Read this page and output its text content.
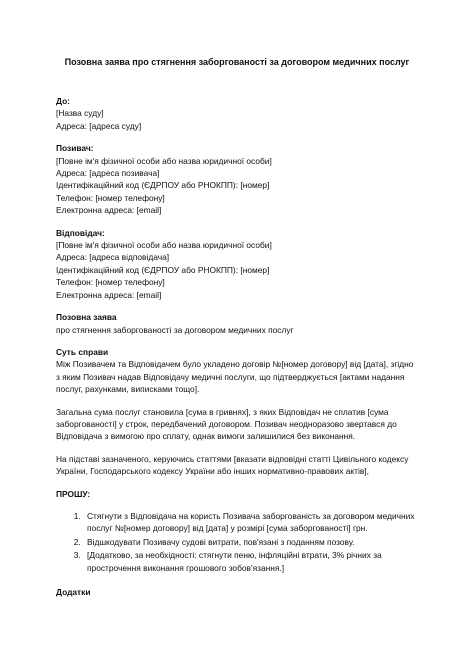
Позовна заява про стягнення заборгованості за договором медичних послуг
До:
[Назва суду]
Адреса: [адреса суду]
Позивач:
[Повне ім'я фізичної особи або назва юридичної особи]
Адреса: [адреса позивача]
Ідентифікаційний код (ЄДРПОУ або РНОКПП): [номер]
Телефон: [номер телефону]
Електронна адреса: [email]
Відповідач:
[Повне ім'я фізичної особи або назва юридичної особи]
Адреса: [адреса відповідача]
Ідентифікаційний код (ЄДРПОУ або РНОКПП): [номер]
Телефон: [номер телефону]
Електронна адреса: [email]
Позовна заява
про стягнення заборгованості за договором медичних послуг
Суть справи

Між Позивачем та Відповідачем було укладено договір №[номер договору] від [дата], згідно з яким Позивач надав Відповідачу медичні послуги, що підтверджується [актами надання послуг, рахунками, виписками тощо].

Загальна сума послуг становила [сума в гривнях], з яких Відповідач не сплатив [сума заборгованості] у строк, передбачений договором. Позивач неодноразово звертався до Відповідача з вимогою про сплату, однак вимоги залишилися без виконання.

На підставі зазначеного, керуючись статтями [вказати відповідні статті Цивільного кодексу України, Господарського кодексу України або інших нормативно-правових актів],

ПРОШУ:
1. Стягнути з Відповідача на користь Позивача заборгованість за договором медичних послуг №[номер договору] від [дата] у розмірі [сума заборгованості] грн.
2. Відшкодувати Позивачу судові витрати, пов'язані з поданням позову.
3. [Додатково, за необхідності: стягнути пеню, інфляційні втрати, 3% річних за прострочення виконання грошового зобов'язання.]
Додатки
